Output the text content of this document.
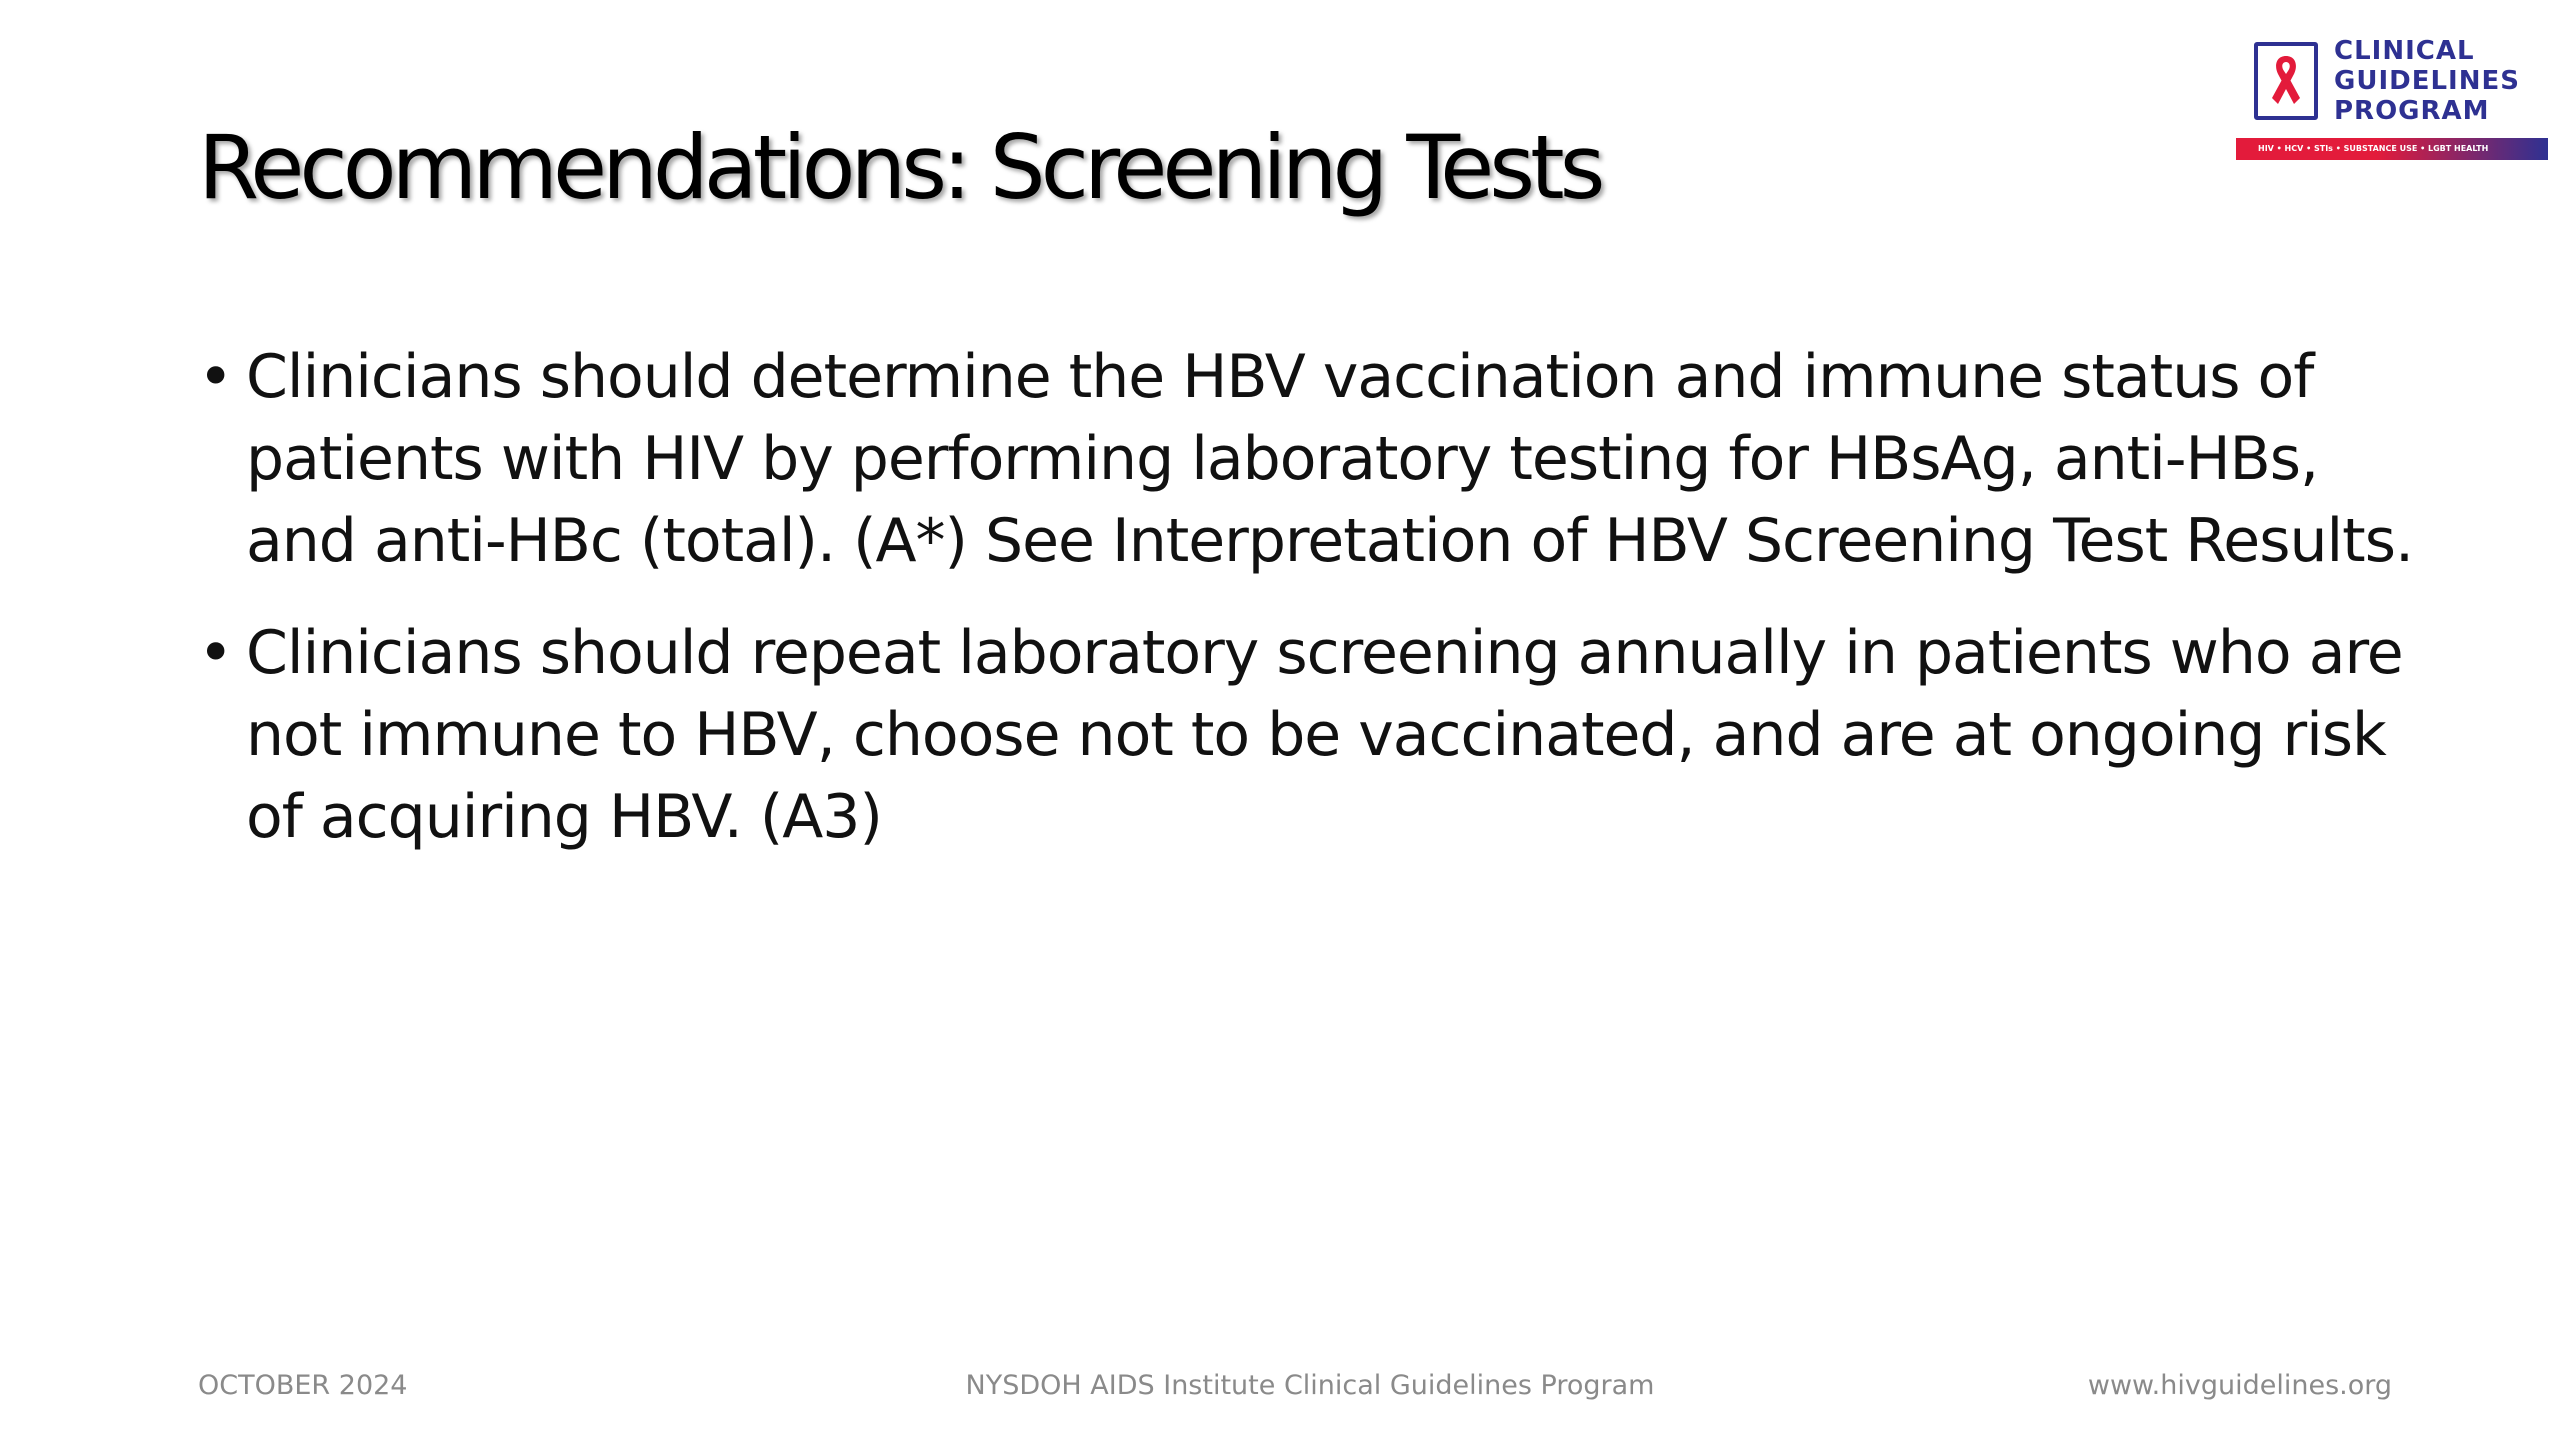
Recommendations: Screening Tests
CLINICAL
GUIDELINES
PROGRAM
HIV • HCV • STIs • SUBSTANCE USE • LGBT HEALTH
• Clinicians should determine the HBV vaccination and immune status of patients with HIV by performing laboratory testing for HBsAg, anti-HBs, and anti-HBc (total). (A*) See Interpretation of HBV Screening Test Results.
• Clinicians should repeat laboratory screening annually in patients who are not immune to HBV, choose not to be vaccinated, and are at ongoing risk of acquiring HBV. (A3)
OCTOBER 2024	NYSDOH AIDS Institute Clinical Guidelines Program	www.hivguidelines.org
